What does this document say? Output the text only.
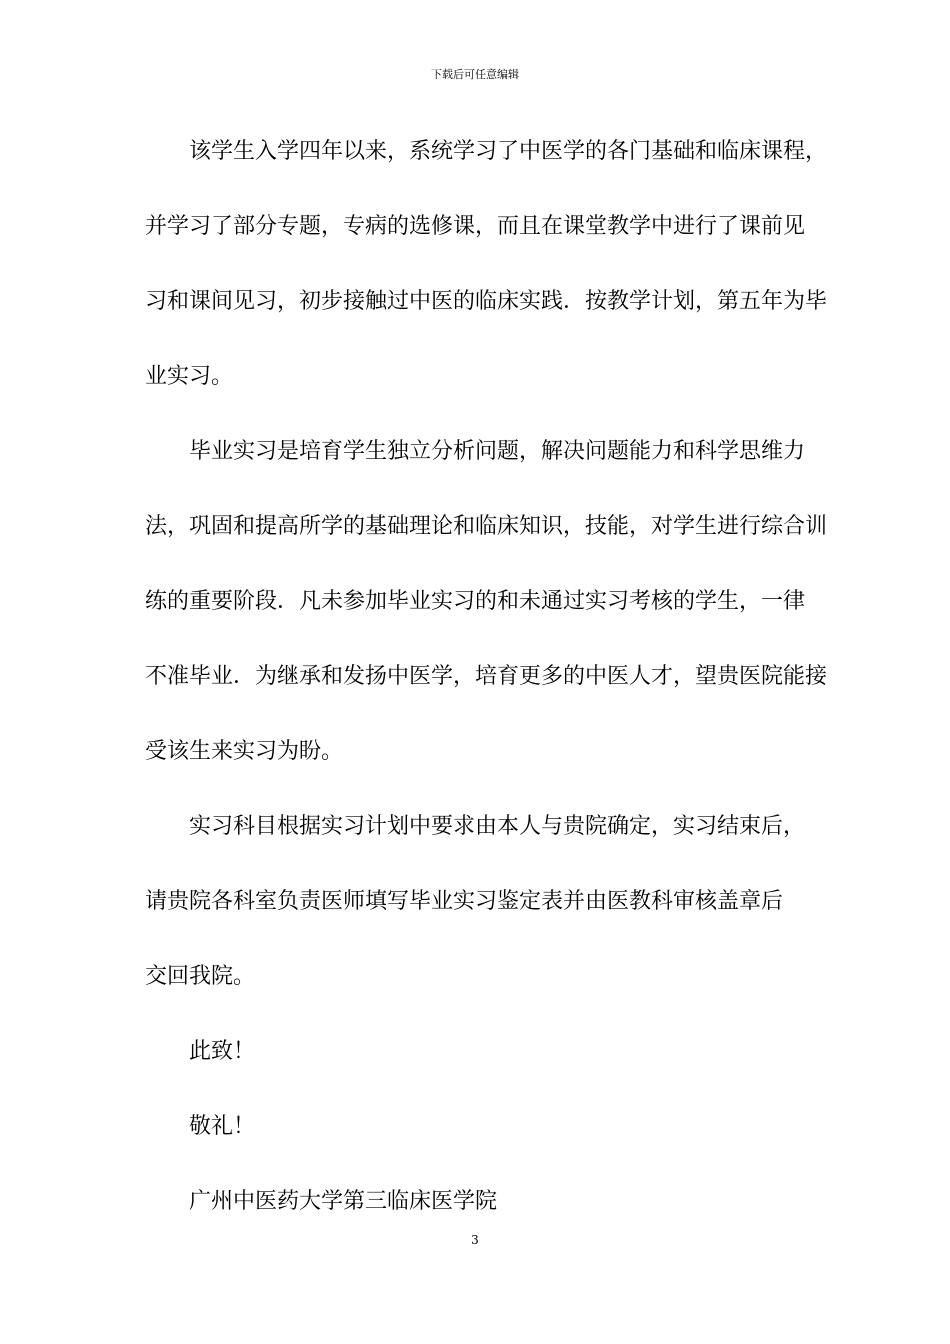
下载后可任意编辑
该学生入学四年以来，系统学习了中医学的各门基础和临床课程，
并学习了部分专题，专病的选修课，而且在课堂教学中进行了课前见
习和课间见习，初步接触过中医的临床实践．按教学计划，第五年为毕
业实习。
毕业实习是培育学生独立分析问题，解决问题能力和科学思维力
法，巩固和提高所学的基础理论和临床知识，技能，对学生进行综合训
练的重要阶段．凡未参加毕业实习的和未通过实习考核的学生，一律
不准毕业．为继承和发扬中医学，培育更多的中医人才，望贵医院能接
受该生来实习为盼。
实习科目根据实习计划中要求由本人与贵院确定，实习结束后，
请贵院各科室负责医师填写毕业实习鉴定表并由医教科审核盖章后
交回我院。
此致！
敬礼！
广州中医药大学第三临床医学院
3
